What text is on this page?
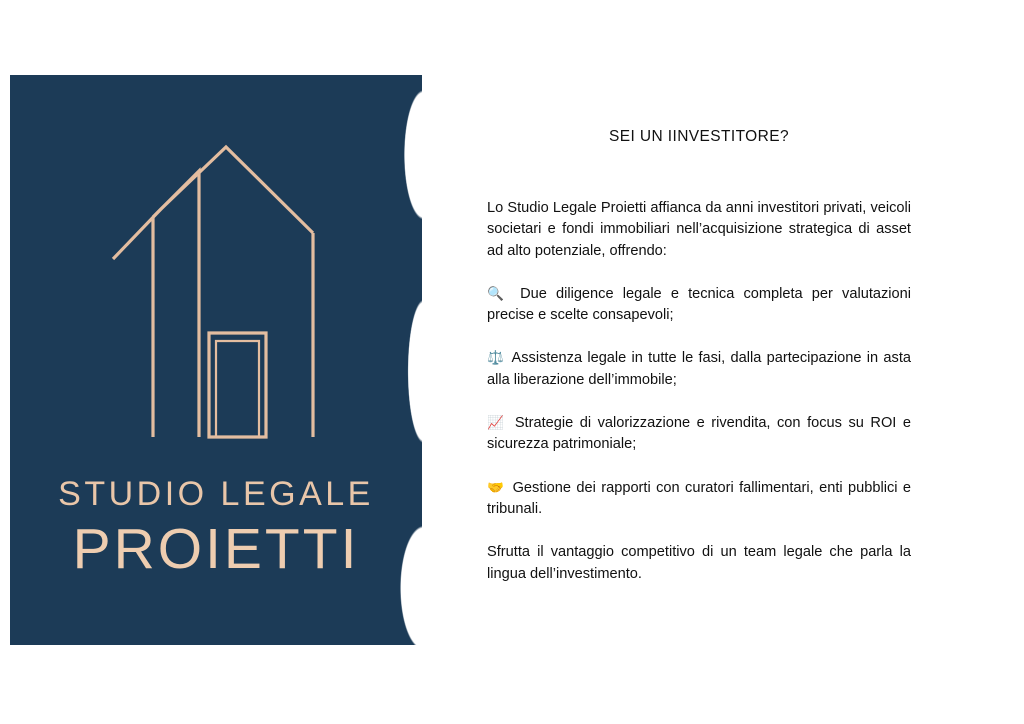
STUDIO LEGALE
PROIETTI
SEI UN IINVESTITORE?

Lo Studio Legale Proietti affianca da anni investitori privati, veicoli societari e fondi immobiliari nell’acquisizione strategica di asset ad alto potenziale, offrendo:

🔍 Due diligence legale e tecnica completa per valutazioni precise e scelte consapevoli;

⚖️ Assistenza legale in tutte le fasi, dalla partecipazione in asta alla liberazione dell’immobile;

📈 Strategie di valorizzazione e rivendita, con focus su ROI e sicurezza patrimoniale;

🤝 Gestione dei rapporti con curatori fallimentari, enti pubblici e tribunali.

Sfrutta il vantaggio competitivo di un team legale che parla la lingua dell’investimento.
